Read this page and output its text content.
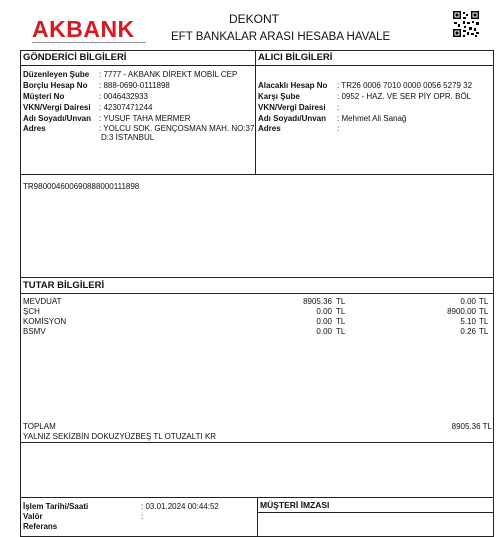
AKBANK	DEKONT
EFT BANKALAR ARASI HESABA HAVALE
GÖNDERİCİ BİLGİLERİ
Düzenleyen Şube : 7777 - AKBANK DİREKT MOBİL CEP
Borçlu Hesap No : 888-0690-0111898
Müşteri No	: 0046432933
VKN/Vergi Dairesi : 42307471244
Adı Soyadı/Unvan : YUSUF TAHA MERMER
Adres	: YOLCU SOK. GENÇOSMAN MAH. NO:37
D:3 İSTANBUL
ALICI BİLGİLERİ
Alacaklı Hesap No : TR26 0006 7010 0000 0056 5279 32
Karşı Şube	: 0952 - HAZ. VE SER PİY OPR. BÖL
VKN/Vergi Dairesi :
Adı Soyadı/Unvan : Mehmet Ali Sanağ
Adres	:
TR980004600690888000111898
TUTAR BİLGİLERİ
MEVDUAT	8905.36 TL	0.00 TL
ŞCH	0.00 TL	8900.00 TL
KOMİSYON	0.00 TL	5.10 TL
BSMV	0.00 TL	0.26 TL
TOPLAM	8905.36 TL
YALNIZ SEKİZBİN DOKUZYÜZBEŞ TL OTUZALTI KR
İşlem Tarihi/Saati	: 03.01.2024 00:44:52
Valör	:
Referans
MÜŞTERİ İMZASI
